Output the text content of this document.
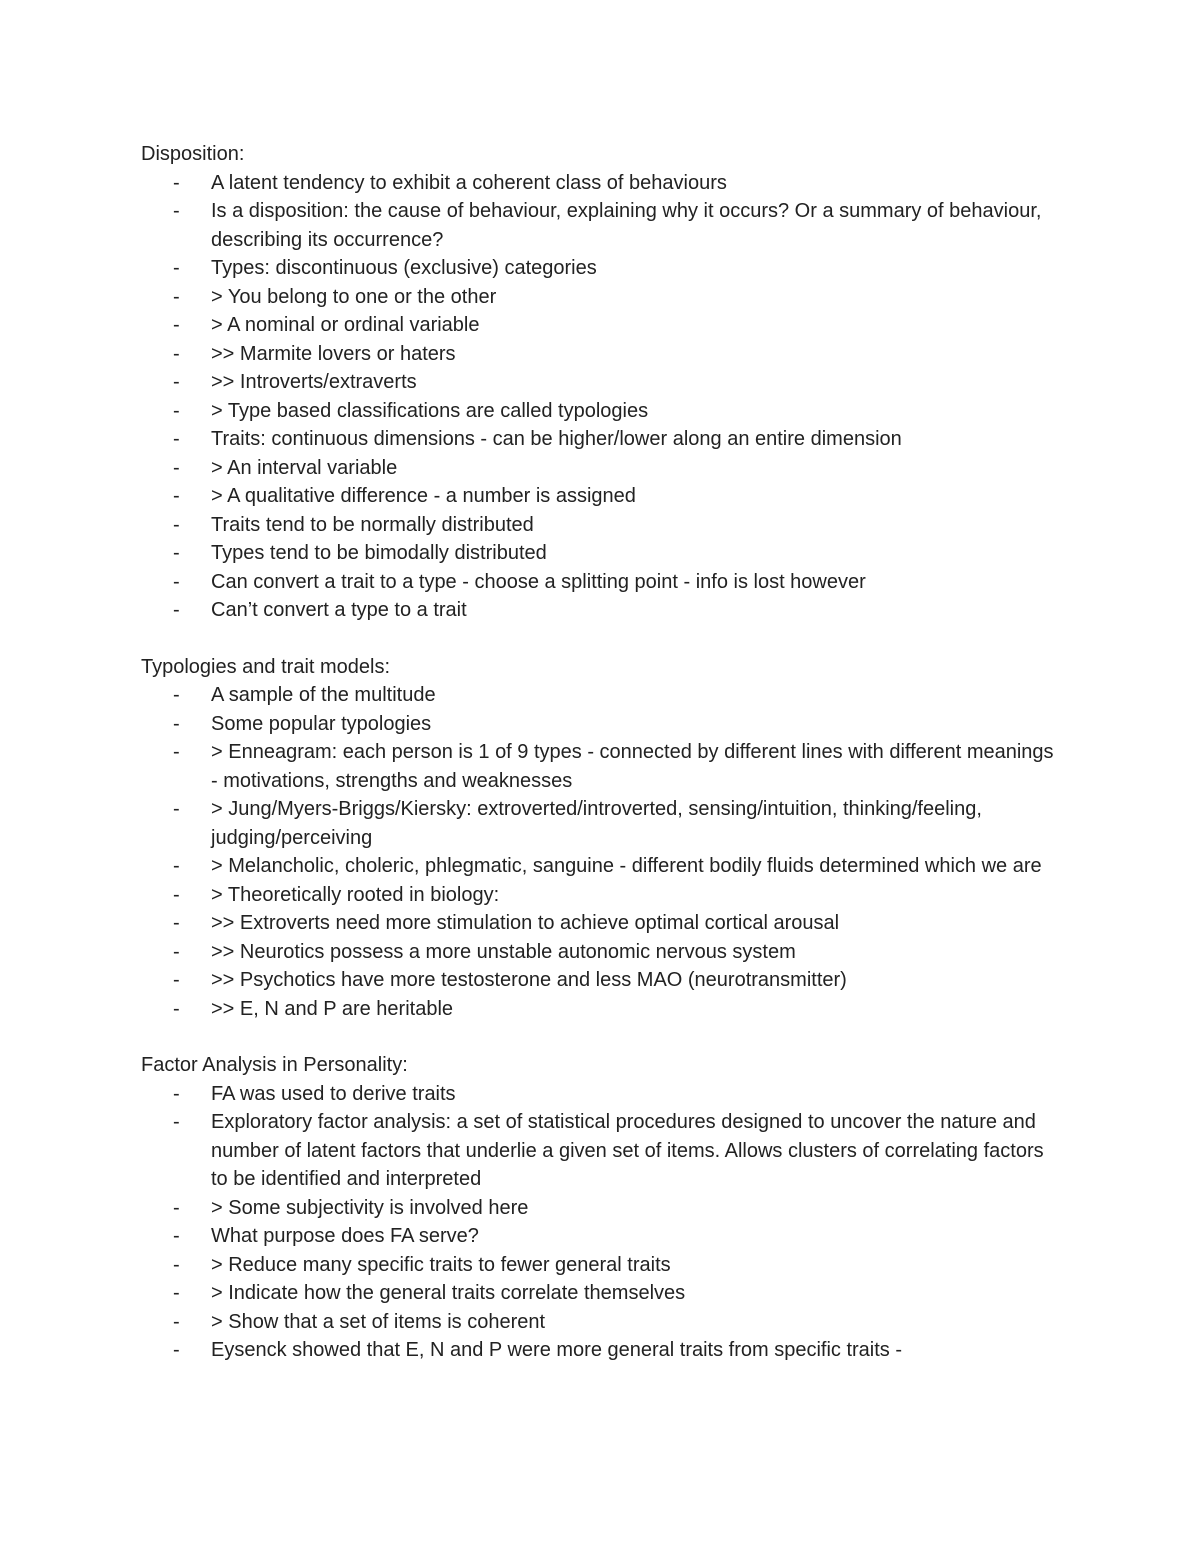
Disposition:
- A latent tendency to exhibit a coherent class of behaviours
- Is a disposition: the cause of behaviour, explaining why it occurs? Or a summary of behaviour, describing its occurrence?
- Types: discontinuous (exclusive) categories
- > You belong to one or the other
- > A nominal or ordinal variable
- >> Marmite lovers or haters
- >> Introverts/extraverts
- > Type based classifications are called typologies
- Traits: continuous dimensions - can be higher/lower along an entire dimension
- > An interval variable
- > A qualitative difference - a number is assigned
- Traits tend to be normally distributed
- Types tend to be bimodally distributed
- Can convert a trait to a type - choose a splitting point - info is lost however
- Can’t convert a type to a trait
Typologies and trait models:
- A sample of the multitude
- Some popular typologies
- > Enneagram: each person is 1 of 9 types - connected by different lines with different meanings - motivations, strengths and weaknesses
- > Jung/Myers-Briggs/Kiersky: extroverted/introverted, sensing/intuition, thinking/feeling, judging/perceiving
- > Melancholic, choleric, phlegmatic, sanguine - different bodily fluids determined which we are
- > Theoretically rooted in biology:
- >> Extroverts need more stimulation to achieve optimal cortical arousal
- >> Neurotics possess a more unstable autonomic nervous system
- >> Psychotics have more testosterone and less MAO (neurotransmitter)
- >> E, N and P are heritable
Factor Analysis in Personality:
- FA was used to derive traits
- Exploratory factor analysis: a set of statistical procedures designed to uncover the nature and number of latent factors that underlie a given set of items. Allows clusters of correlating factors to be identified and interpreted
- > Some subjectivity is involved here
- What purpose does FA serve?
- > Reduce many specific traits to fewer general traits
- > Indicate how the general traits correlate themselves
- > Show that a set of items is coherent
- Eysenck showed that E, N and P were more general traits from specific traits -
